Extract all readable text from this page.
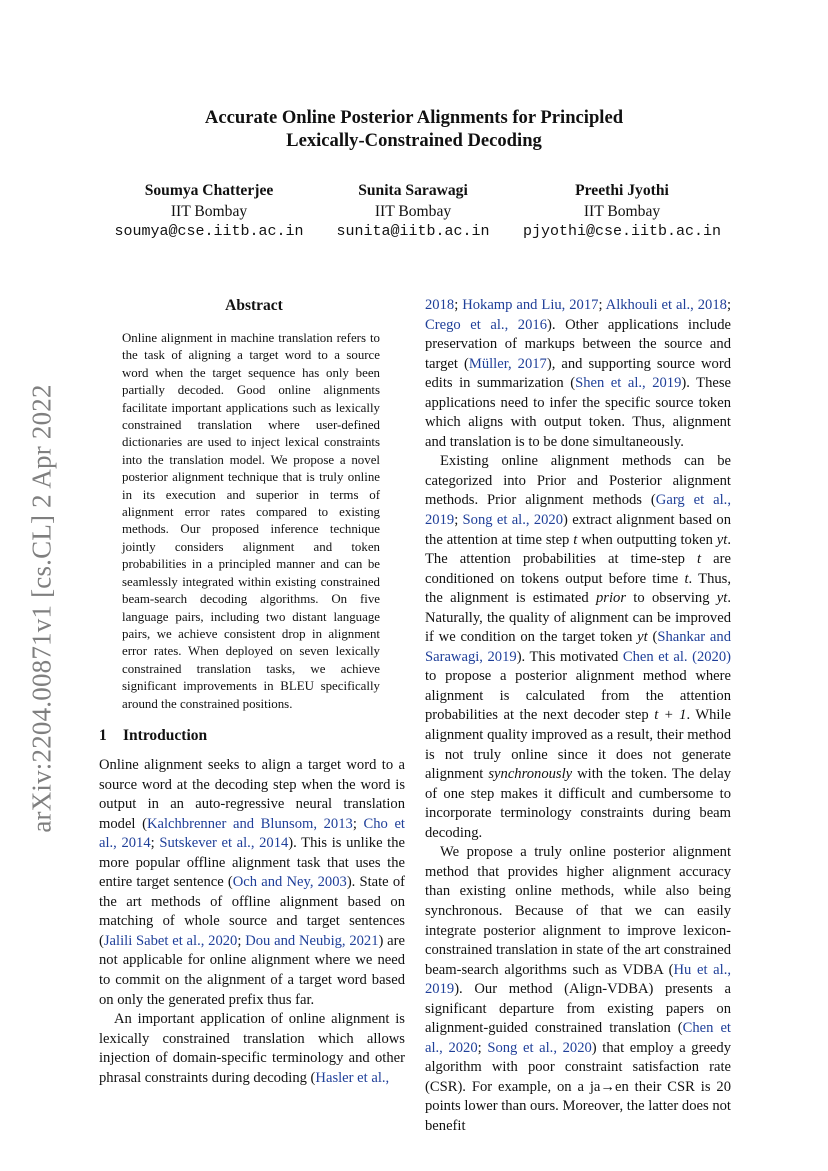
arXiv:2204.00871v1 [cs.CL] 2 Apr 2022
Accurate Online Posterior Alignments for Principled
Lexically-Constrained Decoding
Soumya Chatterjee
IIT Bombay
soumya@cse.iitb.ac.in
Sunita Sarawagi
IIT Bombay
sunita@iitb.ac.in
Preethi Jyothi
IIT Bombay
pjyothi@cse.iitb.ac.in
Abstract
Online alignment in machine translation refers to the task of aligning a target word to a source word when the target sequence has only been partially decoded. Good online alignments facilitate important applications such as lexically constrained translation where user-defined dictionaries are used to inject lexical constraints into the translation model. We propose a novel posterior alignment technique that is truly online in its execution and superior in terms of alignment error rates compared to existing methods. Our proposed inference technique jointly considers alignment and token probabilities in a principled manner and can be seamlessly integrated within existing constrained beam-search decoding algorithms. On five language pairs, including two distant language pairs, we achieve consistent drop in alignment error rates. When deployed on seven lexically constrained translation tasks, we achieve significant improvements in BLEU specifically around the constrained positions.
1 Introduction

Online alignment seeks to align a target word to a source word at the decoding step when the word is output in an auto-regressive neural translation model (Kalchbrenner and Blunsom, 2013; Cho et al., 2014; Sutskever et al., 2014). This is unlike the more popular offline alignment task that uses the entire target sentence (Och and Ney, 2003). State of the art methods of offline alignment based on matching of whole source and target sentences (Jalili Sabet et al., 2020; Dou and Neubig, 2021) are not applicable for online alignment where we need to commit on the alignment of a target word based on only the generated prefix thus far.

An important application of online alignment is lexically constrained translation which allows injection of domain-specific terminology and other phrasal constraints during decoding (Hasler et al.,

2018; Hokamp and Liu, 2017; Alkhouli et al., 2018; Crego et al., 2016). Other applications include preservation of markups between the source and target (Müller, 2017), and supporting source word edits in summarization (Shen et al., 2019). These applications need to infer the specific source token which aligns with output token. Thus, alignment and translation is to be done simultaneously.

Existing online alignment methods can be categorized into Prior and Posterior alignment methods. Prior alignment methods (Garg et al., 2019; Song et al., 2020) extract alignment based on the attention at time step t when outputting token yt. The attention probabilities at time-step t are conditioned on tokens output before time t. Thus, the alignment is estimated prior to observing yt. Naturally, the quality of alignment can be improved if we condition on the target token yt (Shankar and Sarawagi, 2019). This motivated Chen et al. (2020) to propose a posterior alignment method where alignment is calculated from the attention probabilities at the next decoder step t + 1. While alignment quality improved as a result, their method is not truly online since it does not generate alignment synchronously with the token. The delay of one step makes it difficult and cumbersome to incorporate terminology constraints during beam decoding.

We propose a truly online posterior alignment method that provides higher alignment accuracy than existing online methods, while also being synchronous. Because of that we can easily integrate posterior alignment to improve lexicon-constrained translation in state of the art constrained beam-search algorithms such as VDBA (Hu et al., 2019). Our method (Align-VDBA) presents a significant departure from existing papers on alignment-guided constrained translation (Chen et al., 2020; Song et al., 2020) that employ a greedy algorithm with poor constraint satisfaction rate (CSR). For example, on a ja→en their CSR is 20 points lower than ours. Moreover, the latter does not benefit
